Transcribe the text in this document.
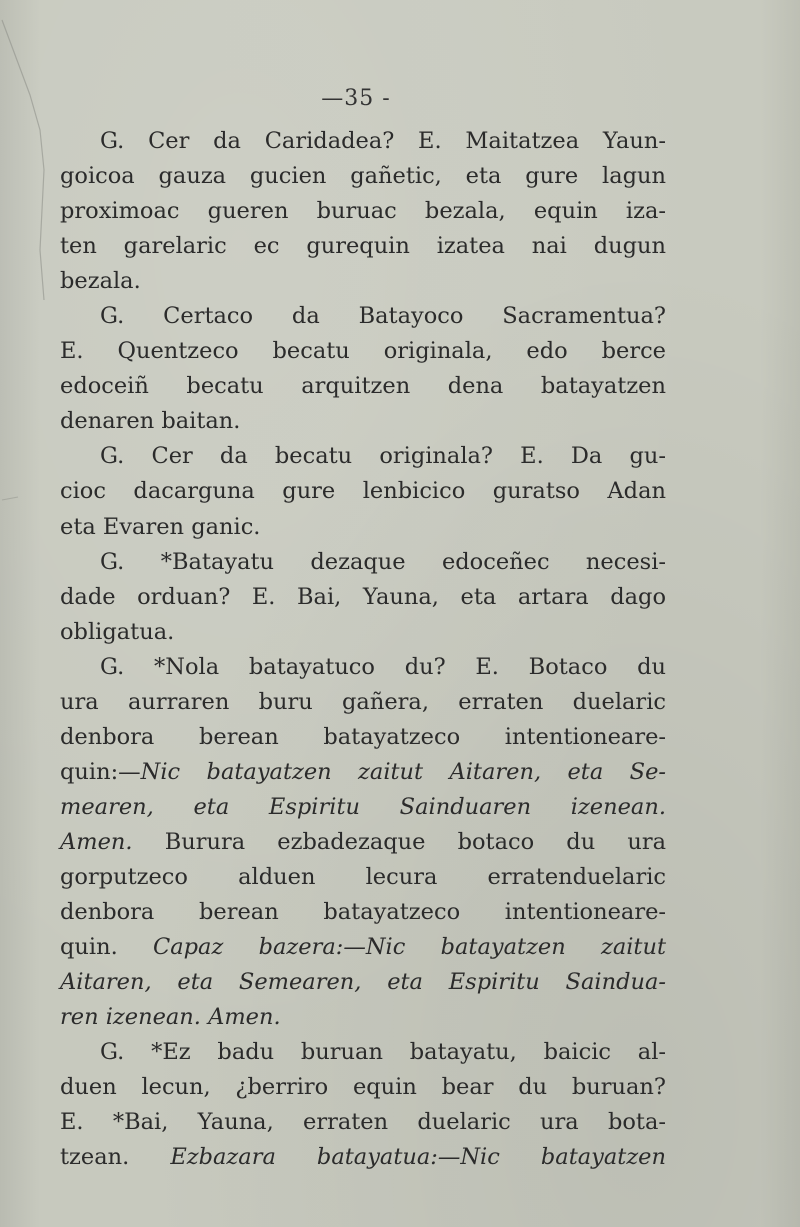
—35 -
G. Cer da Caridadea? E. Maitatzea Yaun-
goicoa gauza gucien gañetic, eta gure lagun
proximoac gueren buruac bezala, equin iza-
ten garelaric ec gurequin izatea nai dugun
bezala.
G. Certaco da Batayoco Sacramentua?
E. Quentzeco becatu originala, edo berce
edoceiñ becatu arquitzen dena batayatzen
denaren baitan.
G. Cer da becatu originala? E. Da gu-
cioc dacarguna gure lenbicico guratso Adan
eta Evaren ganic.
G. *Batayatu dezaque edoceñec necesi-
dade orduan? E. Bai, Yauna, eta artara dago
obligatua.
G. *Nola batayatuco du? E. Botaco du
ura aurraren buru gañera, erraten duelaric
denbora berean batayatzeco intentioneare-
quin:—Nic batayatzen zaitut Aitaren, eta Se-
mearen, eta Espiritu Sainduaren izenean.
Amen. Burura ezbadezaque botaco du ura
gorputzeco alduen lecura erratenduelaric
denbora berean batayatzeco intentioneare-
quin. Capaz bazera:—Nic batayatzen zaitut
Aitaren, eta Semearen, eta Espiritu Saindua-
ren izenean. Amen.
G. *Ez badu buruan batayatu, baicic al-
duen lecun, ¿berriro equin bear du buruan?
E. *Bai, Yauna, erraten duelaric ura bota-
tzean. Ezbazara batayatua:—Nic batayatzen
